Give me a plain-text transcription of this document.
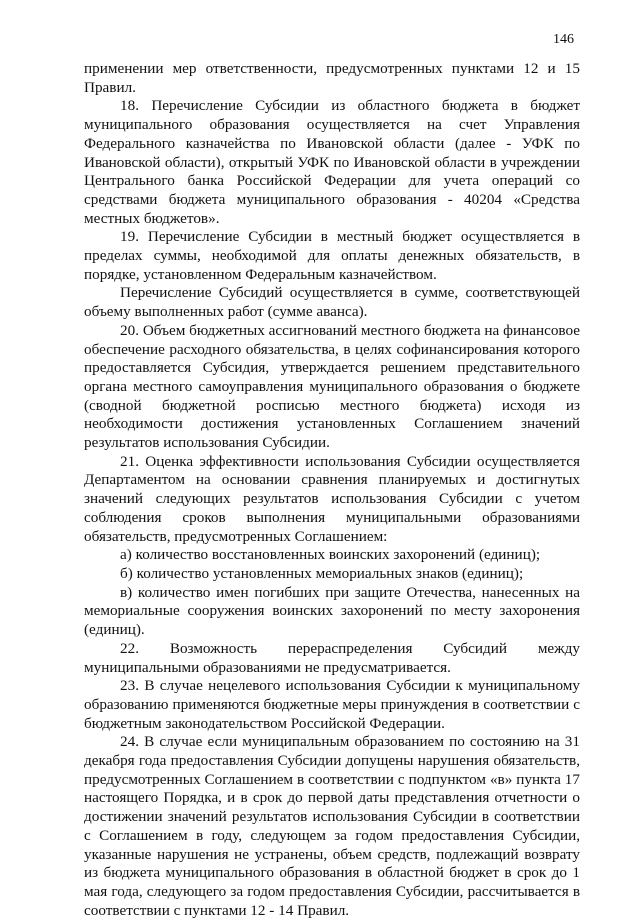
146

применении мер ответственности, предусмотренных пунктами 12 и 15 Правил.

18. Перечисление Субсидии из областного бюджета в бюджет муниципального образования осуществляется на счет Управления Федерального казначейства по Ивановской области (далее - УФК по Ивановской области), открытый УФК по Ивановской области в учреждении Центрального банка Российской Федерации для учета операций со средствами бюджета муниципального образования - 40204 «Средства местных бюджетов».

19. Перечисление Субсидии в местный бюджет осуществляется в пределах суммы, необходимой для оплаты денежных обязательств, в порядке, установленном Федеральным казначейством.

Перечисление Субсидий осуществляется в сумме, соответствующей объему выполненных работ (сумме аванса).

20. Объем бюджетных ассигнований местного бюджета на финансовое обеспечение расходного обязательства, в целях софинансирования которого предоставляется Субсидия, утверждается решением представительного органа местного самоуправления муниципального образования о бюджете (сводной бюджетной росписью местного бюджета) исходя из необходимости достижения установленных Соглашением значений результатов использования Субсидии.

21. Оценка эффективности использования Субсидии осуществляется Департаментом на основании сравнения планируемых и достигнутых значений следующих результатов использования Субсидии с учетом соблюдения сроков выполнения муниципальными образованиями обязательств, предусмотренных Соглашением:

а) количество восстановленных воинских захоронений (единиц);

б) количество установленных мемориальных знаков (единиц);

в) количество имен погибших при защите Отечества, нанесенных на мемориальные сооружения воинских захоронений по месту захоронения (единиц).

22. Возможность перераспределения Субсидий между муниципальными образованиями не предусматривается.

23. В случае нецелевого использования Субсидии к муниципальному образованию применяются бюджетные меры принуждения в соответствии с бюджетным законодательством Российской Федерации.

24. В случае если муниципальным образованием по состоянию на 31 декабря года предоставления Субсидии допущены нарушения обязательств, предусмотренных Соглашением в соответствии с подпунктом «в» пункта 17 настоящего Порядка, и в срок до первой даты представления отчетности о достижении значений результатов использования Субсидии в соответствии с Соглашением в году, следующем за годом предоставления Субсидии, указанные нарушения не устранены, объем средств, подлежащий возврату из бюджета муниципального образования в областной бюджет в срок до 1 мая года, следующего за годом предоставления Субсидии, рассчитывается в соответствии с пунктами 12 - 14 Правил.
